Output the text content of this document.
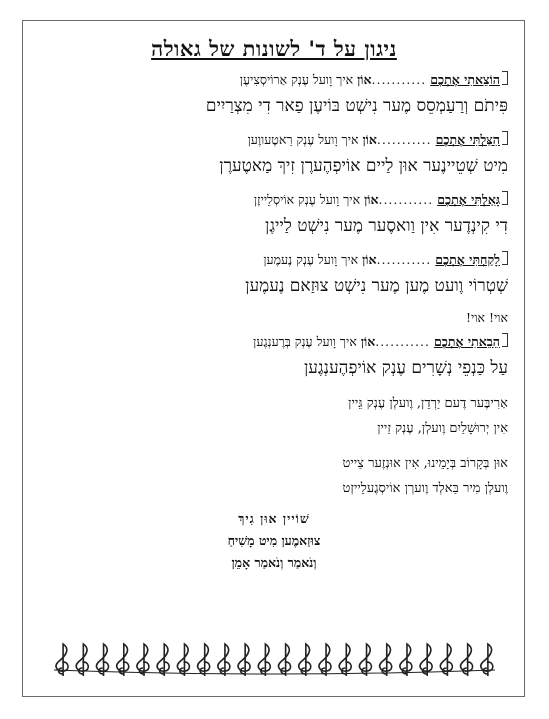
ניגון על ד' לשונות של גאולה
הוֹצֵאתִי אֶתְכֶם ...........אוֹן איך וָועל עֶנְק אַרוֹיסְצִיעֶן
פִּיתֹם וְרַעַמְסֵס מֶער נִישְׁט בּוֹיעֶן פַאר דִי מִצְרַיִים
הִצַּלְתִּי אֶתְכֶם ...........אוֹן איך וָועל עֶנְק רַאטֶעווֶען
מִיט שְׁטֵיינֶער אוּן לַיים אוֹיפְהֶערֶן זִיךְ מַאטֶערֶן
גָּאַלְתִּי אֶתְכֶם ...........אוֹן איך וָועל עֶנְק אוֹיסְלֵייזֶן
דִי קִינְדֶער אִין וַואסֶער מֶער נִישְׁט לַייגֶן
לָקַחְתִּי אֶתְכֶם ...........אוֹן איך וָועל עֶנְק נֶעמֶען
שְׁטְרוֹי וֶועט מֶען מֶער נִישְׁט צוּזַאם נֶעמֶען
אוי! אוי!
הֵבֵאתִי אֶתְכֶם ...........אוֹן איך וָועל עֶנְק בְּרֶענְגֶען
עַל כַּנְפֵי נְשָׁרִים עֶנְק אוֹיפְהֶענְגֶען
אַרִיבֶּער דֶעם יַרְדֵן, וֶועלְן עֶנְק גֵּיין
אִין יְרוּשָׁלַיִם וֶועלְן, עֶנְק זַיין
אוּן בְּקָרוֹב בְּיָמֵינוּ, אִין אוּנְזֶער צַייט
וֶועלְן מִיר בַּאלְד וֶוערְן אוֹיסְגֶעלֵייזְט
שׁוֹיין אוּן גִיךְ
צוּזַאמֶען מִיט מָשִׁיחַ
וְנֹאמַר וְנֹאמַר אָמֵן
